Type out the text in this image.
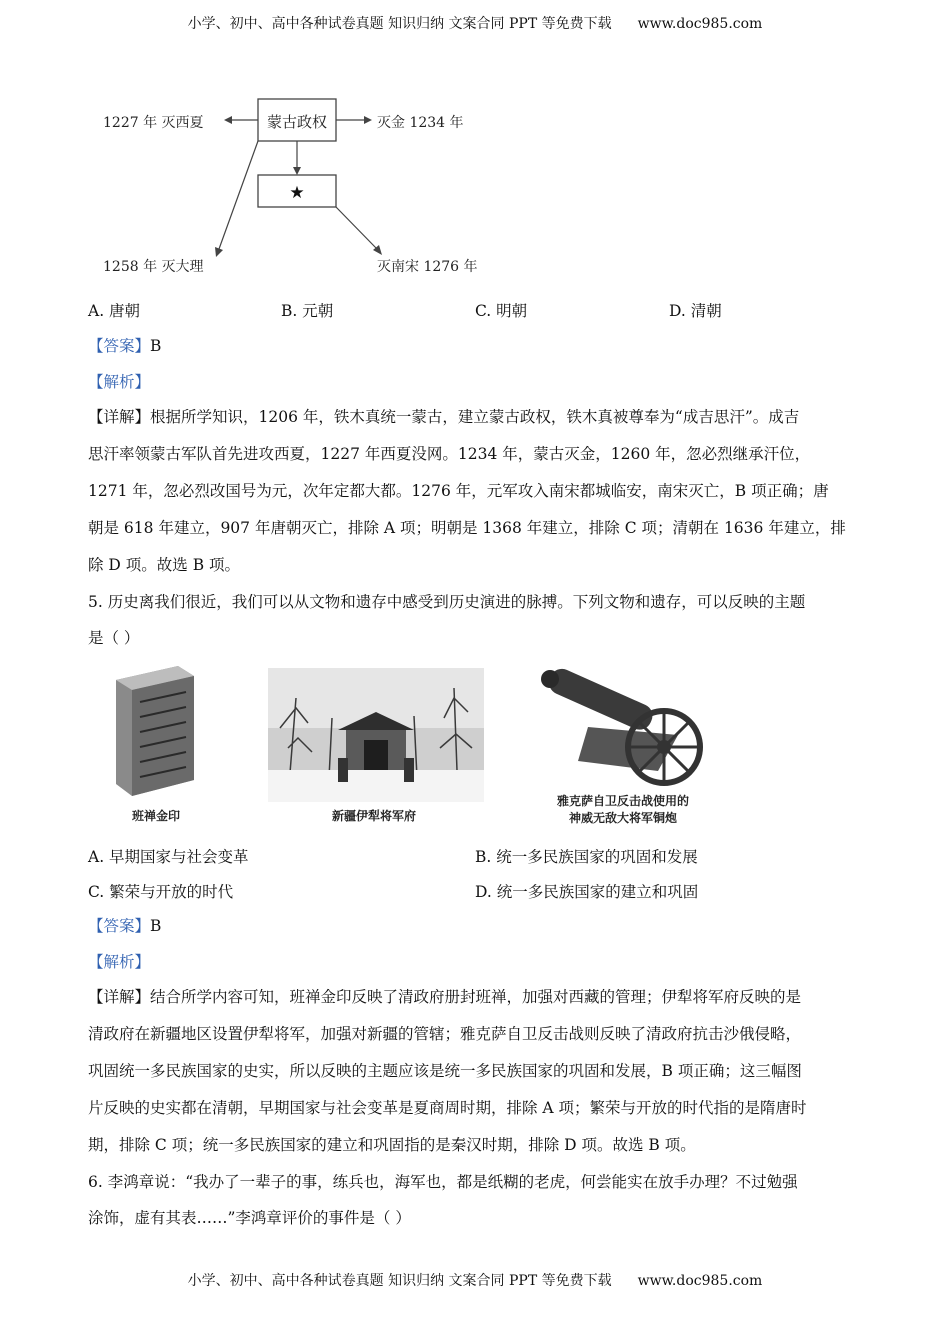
小学、初中、高中各种试卷真题 知识归纳 文案合同 PPT 等免费下载 www.doc985.com
蒙古政权
★
1227 年 灭西夏	灭金 1234 年
1258 年 灭大理	灭南宋 1276 年
A. 唐朝	B. 元朝	C. 明朝	D. 清朝
【答案】B
【解析】
【详解】根据所学知识，1206 年，铁木真统一蒙古，建立蒙古政权，铁木真被尊奉为“成吉思汗”。成吉
思汗率领蒙古军队首先进攻西夏，1227 年西夏没网。1234 年，蒙古灭金，1260 年，忽必烈继承汗位，
1271 年，忽必烈改国号为元，次年定都大都。1276 年，元军攻入南宋都城临安，南宋灭亡，B 项正确；唐
朝是 618 年建立，907 年唐朝灭亡，排除 A 项；明朝是 1368 年建立，排除 C 项；清朝在 1636 年建立，排
除 D 项。故选 B 项。
5. 历史离我们很近，我们可以从文物和遗存中感受到历史演进的脉搏。下列文物和遗存，可以反映的主题
是（ ）
班禅金印	新疆伊犁将军府
雅克萨自卫反击战使用的
神威无敌大将军铜炮
A. 早期国家与社会变革	B. 统一多民族国家的巩固和发展
C. 繁荣与开放的时代	D. 统一多民族国家的建立和巩固
【答案】B
【解析】
【详解】结合所学内容可知，班禅金印反映了清政府册封班禅，加强对西藏的管理；伊犁将军府反映的是
清政府在新疆地区设置伊犁将军，加强对新疆的管辖；雅克萨自卫反击战则反映了清政府抗击沙俄侵略，
巩固统一多民族国家的史实，所以反映的主题应该是统一多民族国家的巩固和发展，B 项正确；这三幅图
片反映的史实都在清朝，早期国家与社会变革是夏商周时期，排除 A 项；繁荣与开放的时代指的是隋唐时
期，排除 C 项；统一多民族国家的建立和巩固指的是秦汉时期，排除 D 项。故选 B 项。
6. 李鸿章说：“我办了一辈子的事，练兵也，海军也，都是纸糊的老虎，何尝能实在放手办理？不过勉强
涂饰，虚有其表……”李鸿章评价的事件是（ ）
小学、初中、高中各种试卷真题 知识归纳 文案合同 PPT 等免费下载 www.doc985.com
